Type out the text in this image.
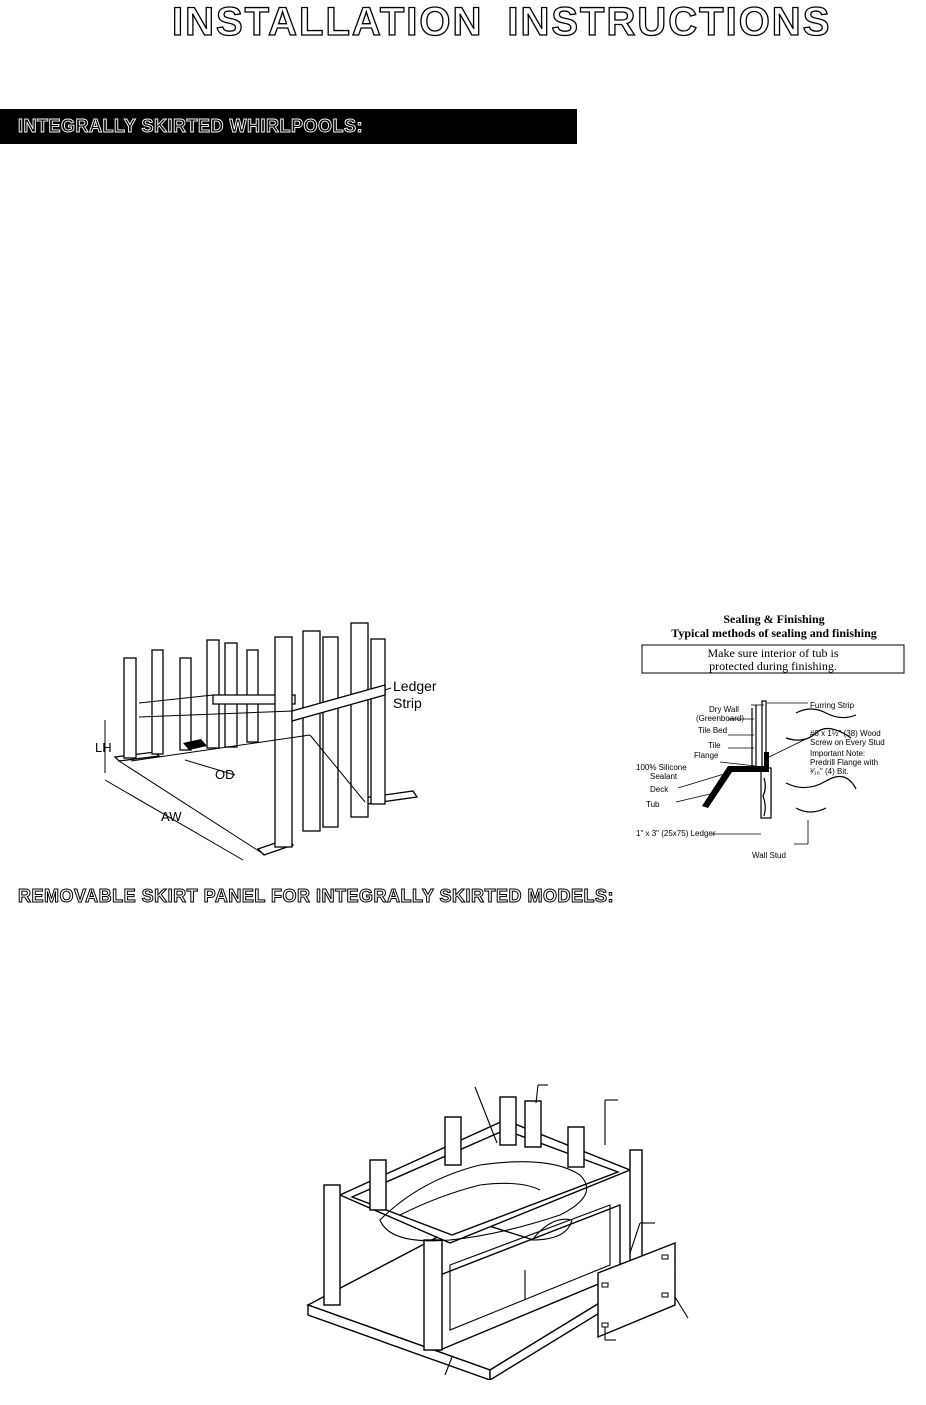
INSTALLATION INSTRUCTIONS
INTEGRALLY SKIRTED WHIRLPOOLS:
Ledger
Strip
LH
OD
AW
Sealing & Finishing
Typical methods of sealing and finishing
Make sure interior of tub is
protected during finishing.
Furring Strip
Dry Wall
(Greenboard)
Tile Bed
Tile
Flange
100% Silicone
Sealant
Deck
Tub
#8 x 1½" (38) Wood
Screw on Every Stud
Important Note:
Predrill Flange with
³⁄₁₆" (4) Bit.
1" x 3" (25x75) Ledger
Wall Stud
REMOVABLE SKIRT PANEL FOR INTEGRALLY SKIRTED MODELS:
